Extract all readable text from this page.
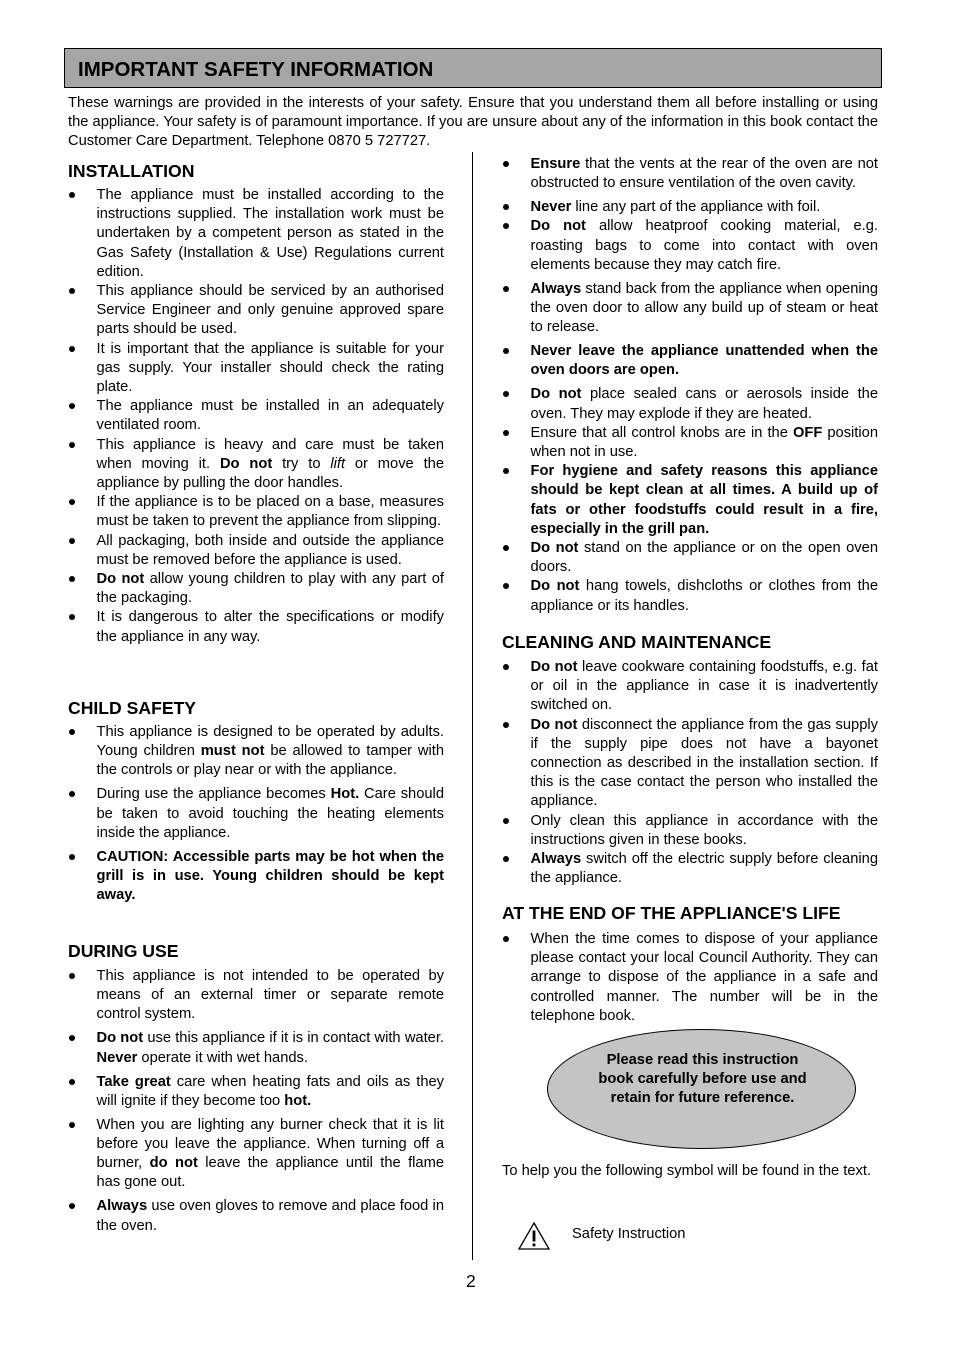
IMPORTANT SAFETY INFORMATION

These warnings are provided in the interests of your safety. Ensure that you understand them all before installing or using the appliance. Your safety is of paramount importance. If you are unsure about any of the information in this book contact the Customer Care Department. Telephone 0870 5 727727.

INSTALLATION
The appliance must be installed according to the instructions supplied. The installation work must be undertaken by a competent person as stated in the Gas Safety (Installation & Use) Regulations current edition.
This appliance should be serviced by an authorised Service Engineer and only genuine approved spare parts should be used.
It is important that the appliance is suitable for your gas supply. Your installer should check the rating plate.
The appliance must be installed in an adequately ventilated room.
This appliance is heavy and care must be taken when moving it. Do not try to lift or move the appliance by pulling the door handles.
If the appliance is to be placed on a base, measures must be taken to prevent the appliance from slipping.
All packaging, both inside and outside the appliance must be removed before the appliance is used.
Do not allow young children to play with any part of the packaging.
It is dangerous to alter the specifications or modify the appliance in any way.
CHILD SAFETY
This appliance is designed to be operated by adults. Young children must not be allowed to tamper with the controls or play near or with the appliance.
During use the appliance becomes Hot. Care should be taken to avoid touching the heating elements inside the appliance.
CAUTION: Accessible parts may be hot when the grill is in use. Young children should be kept away.
DURING USE
This appliance is not intended to be operated by means of an external timer or separate remote control system.
Do not use this appliance if it is in contact with water. Never operate it with wet hands.
Take great care when heating fats and oils as they will ignite if they become too hot.
When you are lighting any burner check that it is lit before you leave the appliance. When turning off a burner, do not leave the appliance until the flame has gone out.
Always use oven gloves to remove and place food in the oven.
Ensure that the vents at the rear of the oven are not obstructed to ensure ventilation of the oven cavity.
Never line any part of the appliance with foil.
Do not allow heatproof cooking material, e.g. roasting bags to come into contact with oven elements because they may catch fire.
Always stand back from the appliance when opening the oven door to allow any build up of steam or heat to release.
Never leave the appliance unattended when the oven doors are open.
Do not place sealed cans or aerosols inside the oven. They may explode if they are heated.
Ensure that all control knobs are in the OFF position when not in use.
For hygiene and safety reasons this appliance should be kept clean at all times. A build up of fats or other foodstuffs could result in a fire, especially in the grill pan.
Do not stand on the appliance or on the open oven doors.
Do not hang towels, dishcloths or clothes from the appliance or its handles.
CLEANING AND MAINTENANCE
Do not leave cookware containing foodstuffs, e.g. fat or oil in the appliance in case it is inadvertently switched on.
Do not disconnect the appliance from the gas supply if the supply pipe does not have a bayonet connection as described in the installation section. If this is the case contact the person who installed the appliance.
Only clean this appliance in accordance with the instructions given in these books.
Always switch off the electric supply before cleaning the appliance.
AT THE END OF THE APPLIANCE'S LIFE
When the time comes to dispose of your appliance please contact your local Council Authority. They can arrange to dispose of the appliance in a safe and controlled manner. The number will be in the telephone book.
Please read this instruction book carefully before use and retain for future reference.

To help you the following symbol will be found in the text.

Safety Instruction
2
